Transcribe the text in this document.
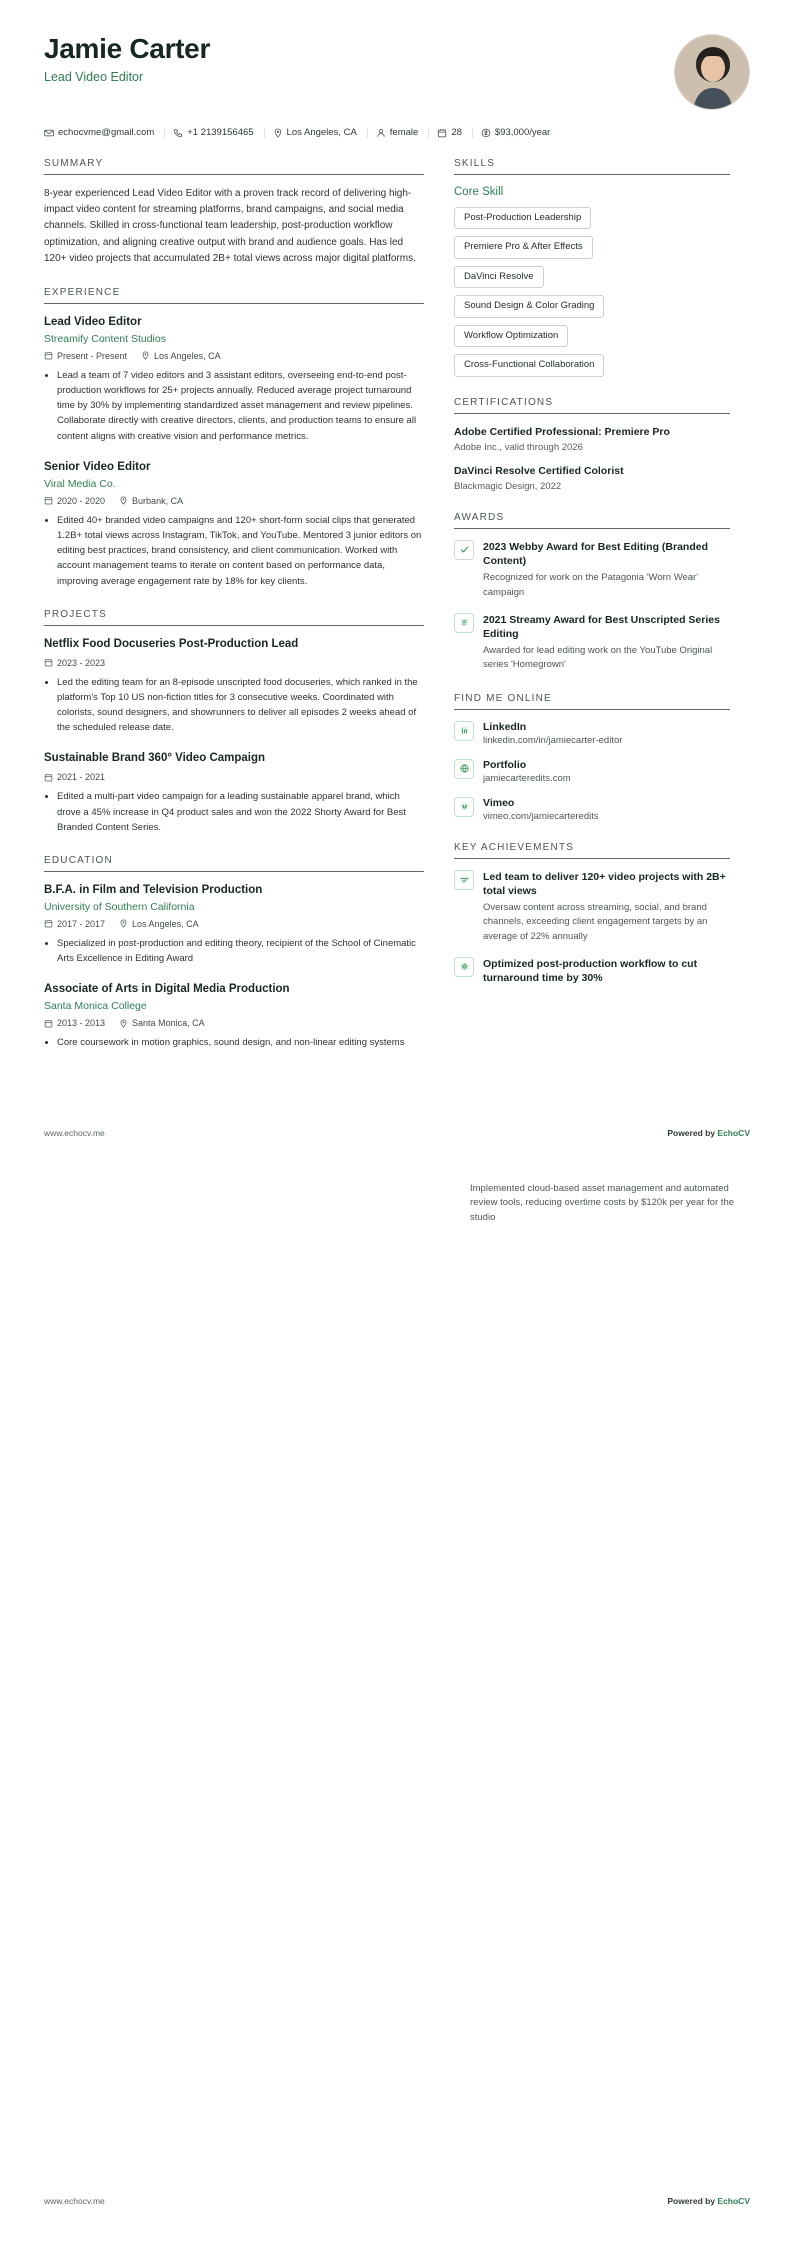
Jamie Carter
Lead Video Editor
echocvme@gmail.com	+1 2139156465	Los Angeles, CA	female	28	$93,000/year
SUMMARY
8-year experienced Lead Video Editor with a proven track record of delivering high-impact video content for streaming platforms, brand campaigns, and social media channels. Skilled in cross-functional team leadership, post-production workflow optimization, and aligning creative output with brand and audience goals. Has led 120+ video projects that accumulated 2B+ total views across major digital platforms.
EXPERIENCE
Lead Video Editor
Streamify Content Studios
Present - Present	Los Angeles, CA
• Lead a team of 7 video editors and 3 assistant editors, overseeing end-to-end post-production workflows for 25+ projects annually. Reduced average project turnaround time by 30% by implementing standardized asset management and review pipelines. Collaborate directly with creative directors, clients, and production teams to ensure all content aligns with creative vision and performance metrics.
Senior Video Editor
Viral Media Co.
2020 - 2020	Burbank, CA
• Edited 40+ branded video campaigns and 120+ short-form social clips that generated 1.2B+ total views across Instagram, TikTok, and YouTube. Mentored 3 junior editors on editing best practices, brand consistency, and client communication. Worked with account management teams to iterate on content based on performance data, improving average engagement rate by 18% for key clients.
PROJECTS
Netflix Food Docuseries Post-Production Lead
2023 - 2023
• Led the editing team for an 8-episode unscripted food docuseries, which ranked in the platform's Top 10 US non-fiction titles for 3 consecutive weeks. Coordinated with colorists, sound designers, and showrunners to deliver all episodes 2 weeks ahead of the scheduled release date.
Sustainable Brand 360° Video Campaign
2021 - 2021
• Edited a multi-part video campaign for a leading sustainable apparel brand, which drove a 45% increase in Q4 product sales and won the 2022 Shorty Award for Best Branded Content Series.
EDUCATION
B.F.A. in Film and Television Production
University of Southern California
2017 - 2017	Los Angeles, CA
• Specialized in post-production and editing theory, recipient of the School of Cinematic Arts Excellence in Editing Award
Associate of Arts in Digital Media Production
Santa Monica College
2013 - 2013	Santa Monica, CA
• Core coursework in motion graphics, sound design, and non-linear editing systems
SKILLS
Core Skill
Post-Production Leadership
Premiere Pro & After Effects
DaVinci Resolve
Sound Design & Color Grading
Workflow Optimization
Cross-Functional Collaboration
CERTIFICATIONS
Adobe Certified Professional: Premiere Pro
Adobe Inc., valid through 2026
DaVinci Resolve Certified Colorist
Blackmagic Design, 2022
AWARDS
2023 Webby Award for Best Editing (Branded Content)
Recognized for work on the Patagonia 'Worn Wear' campaign
2021 Streamy Award for Best Unscripted Series Editing
Awarded for lead editing work on the YouTube Original series 'Homegrown'
FIND ME ONLINE
LinkedIn
linkedin.com/in/jamiecarter-editor
Portfolio
jamiecarteredits.com
Vimeo
vimeo.com/jamiecarteredits
KEY ACHIEVEMENTS
Led team to deliver 120+ video projects with 2B+ total views
Oversaw content across streaming, social, and brand channels, exceeding client engagement targets by an average of 22% annually
Optimized post-production workflow to cut turnaround time by 30%
www.echocv.me	Powered by EchoCV
Implemented cloud-based asset management and automated review tools, reducing overtime costs by $120k per year for the studio
www.echocv.me	Powered by EchoCV
